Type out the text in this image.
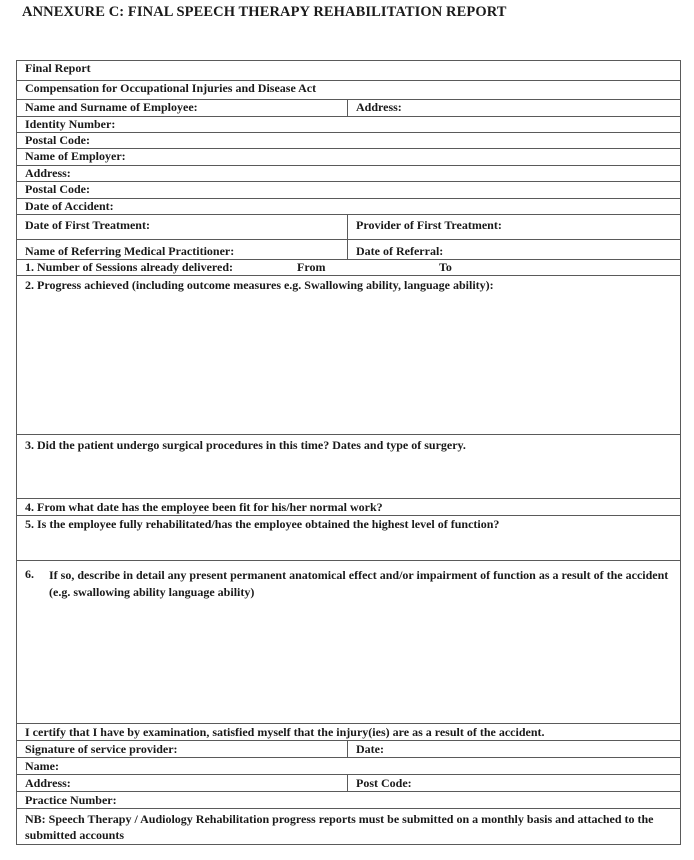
ANNEXURE C: FINAL SPEECH THERAPY REHABILITATION REPORT
Final Report	
Compensation for Occupational Injuries and Disease Act	
Name and Surname of Employee:	Address:
Identity Number:	
Postal Code:	
Name of Employer:	
Address:	
Postal Code:	
Date of Accident:	
Date of First Treatment:	Provider of First Treatment:
Name of Referring Medical Practitioner:	Date of Referral:

1. Number of Sessions already delivered: From To	

2. Progress achieved (including outcome measures e.g. Swallowing ability, language ability):	
3. Did the patient undergo surgical procedures in this time? Dates and type of surgery.	
4. From what date has the employee been fit for his/her normal work?	
5. Is the employee fully rehabilitated/has the employee obtained the highest level of function?	

6. If so, describe in detail any present permanent anatomical effect and/or impairment of function as a result of the accident (e.g. swallowing ability language ability)	

I certify that I have by examination, satisfied myself that the injury(ies) are as a result of the accident.	
Signature of service provider:	Date:
Name:	
Address:	Post Code:
Practice Number:	
NB: Speech Therapy / Audiology Rehabilitation progress reports must be submitted on a monthly basis and attached to the submitted accounts	
